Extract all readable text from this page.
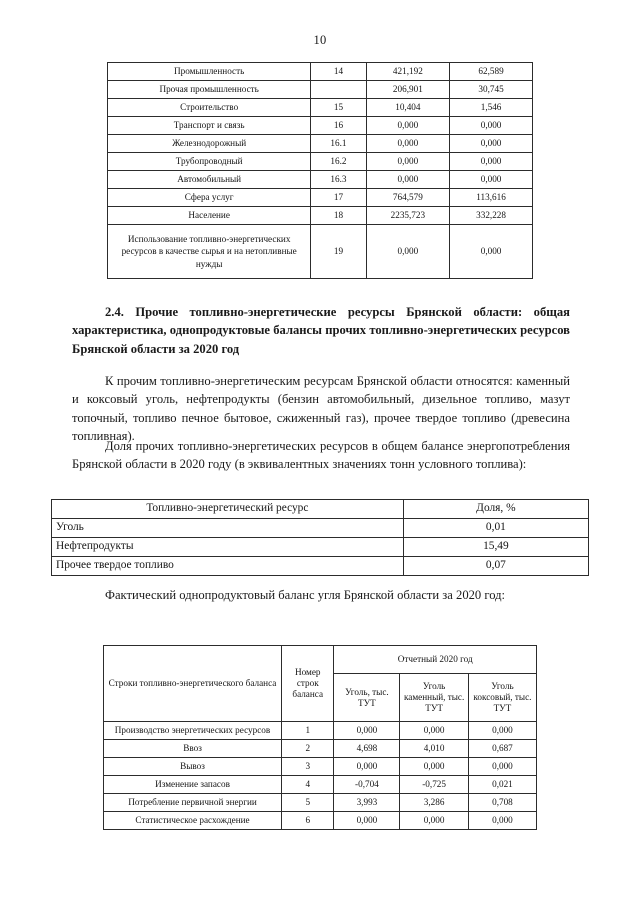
10
Промышленность	14	421,192	62,589
Прочая промышленность		206,901	30,745
Строительство	15	10,404	1,546
Транспорт и связь	16	0,000	0,000
Железнодорожный	16.1	0,000	0,000
Трубопроводный	16.2	0,000	0,000
Автомобильный	16.3	0,000	0,000
Сфера услуг	17	764,579	113,616
Население	18	2235,723	332,228
Использование топливно-энергетических ресурсов в качестве сырья и на нетопливные нужды	19	0,000	0,000
2.4. Прочие топливно-энергетические ресурсы Брянской области: общая характеристика, однопродуктовые балансы прочих топливно-энергетических ресурсов Брянской области за 2020 год
К прочим топливно-энергетическим ресурсам Брянской области относятся: каменный и коксовый уголь, нефтепродукты (бензин автомобильный, дизельное топливо, мазут топочный, топливо печное бытовое, сжиженный газ), прочее твердое топливо (древесина топливная).
Доля прочих топливно-энергетических ресурсов в общем балансе энергопотребления Брянской области в 2020 году (в эквивалентных значениях тонн условного топлива):
Фактический однопродуктовый баланс угля Брянской области за 2020 год:
Топливно-энергетический ресурс	Доля, %
Уголь	0,01
Нефтепродукты	15,49
Прочее твердое топливо	0,07
Строки топливно-энергетического баланса	Номер строк баланса	Отчетный 2020 год		
		Уголь, тыс. ТУТ	Уголь каменный, тыс. ТУТ	Уголь коксовый, тыс. ТУТ
Производство энергетических ресурсов	1	0,000	0,000	0,000
Ввоз	2	4,698	4,010	0,687
Вывоз	3	0,000	0,000	0,000
Изменение запасов	4	-0,704	-0,725	0,021
Потребление первичной энергии	5	3,993	3,286	0,708
Статистическое расхождение	6	0,000	0,000	0,000
